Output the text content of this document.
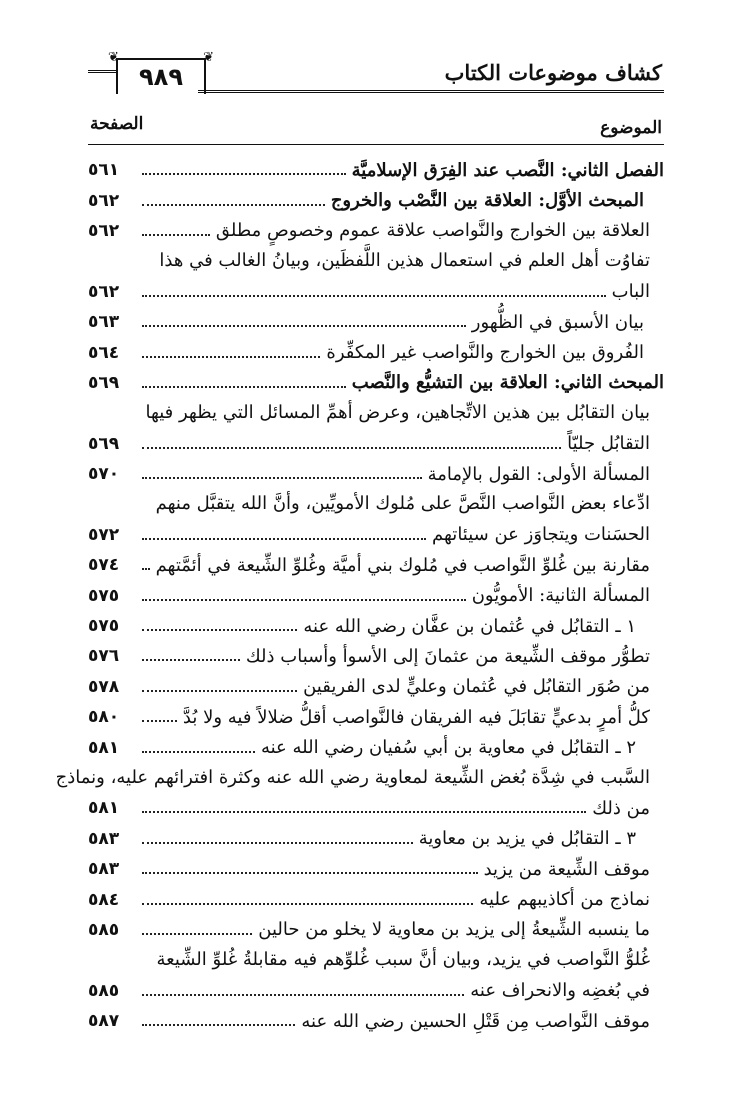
كشاف موضوعات الكتاب
❦	❦
٩٨٩
الموضوع
الصفحة
الفصل الثاني: النَّصب عند الفِرَق الإسلاميَّة
٥٦١
المبحث الأوَّل: العلاقة بين النَّصْب والخروج
٥٦٢
العلاقة بين الخوارج والنَّواصب علاقة عموم وخصوصٍ مطلق
٥٦٢
تفاوُت أهل العلم في استعمال هذين اللَّفظَين، وبيانُ الغالب في هذا
الباب
٥٦٢
بيان الأسبق في الظُّهور
٥٦٣
الفُروق بين الخوارج والنَّواصب غير المكفِّرة
٥٦٤
المبحث الثاني: العلاقة بين التشيُّع والنَّصب
٥٦٩
بيان التقابُل بين هذين الاتِّجاهين، وعرض أهمِّ المسائل التي يظهر فيها
التقابُل جليّاً
٥٦٩
المسألة الأولى: القول بالإمامة
٥٧٠
ادِّعاء بعض النَّواصب النَّصَّ على مُلوك الأمويِّين، وأنَّ الله يتقبَّل منهم
الحسَنات ويتجاوَز عن سيئاتهم
٥٧٢
مقارنة بين غُلوِّ النَّواصب في مُلوك بني أميَّة وغُلوِّ الشِّيعة في أئمَّتهم
٥٧٤
المسألة الثانية: الأمويُّون
٥٧٥
١ ـ التقابُل في عُثمان بن عفَّان رضي الله عنه
٥٧٥
تطوُّر موقف الشِّيعة من عثمانَ إلى الأسوأ وأسباب ذلك
٥٧٦
من صُوَر التقابُل في عُثمان وعليٍّ لدى الفريقين
٥٧٨
كلُّ أمرٍ بدعيٍّ تقابَلَ فيه الفريقان فالنَّواصب أقلُّ ضلالاً فيه ولا بُدَّ
٥٨٠
٢ ـ التقابُل في معاوية بن أبي سُفيان رضي الله عنه
٥٨١
السَّبب في شِدَّة بُغض الشِّيعة لمعاوية رضي الله عنه وكثرة افترائهم عليه، ونماذج
من ذلك
٥٨١
٣ ـ التقابُل في يزيد بن معاوية
٥٨٣
موقف الشِّيعة من يزيد
٥٨٣
نماذج من أكاذيبهم عليه
٥٨٤
ما ينسبه الشِّيعةُ إلى يزيد بن معاوية لا يخلو من حالين
٥٨٥
غُلوُّ النَّواصب في يزيد، وبيان أنَّ سبب غُلوِّهم فيه مقابلةُ غُلوِّ الشِّيعة
في بُغضِه والانحراف عنه
٥٨٥
موقف النَّواصب مِن قَتْلِ الحسين رضي الله عنه
٥٨٧
